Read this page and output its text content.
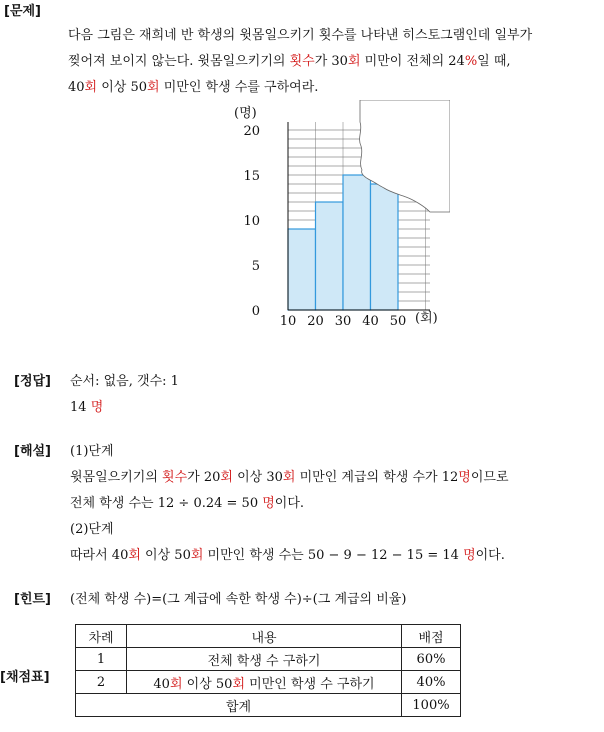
[문제]
다음 그림은 재희네 반 학생의 윗몸일으키기 횟수를 나타낸 히스토그램인데 일부가
찢어져 보이지 않는다. 윗몸일으키기의 횟수가 30회 미만이 전체의 24%일 때,
40회 이상 50회 미만인 학생 수를 구하여라.
(명)
(회)
0
5
10
15
20
10 20 30 40 50
[정답] 순서: 없음, 갯수: 1
14 명
[해설] (1)단계
윗몸일으키기의 횟수가 20회 이상 30회 미만인 계급의 학생 수가 12명이므로
전체 학생 수는 12 ÷ 0.24 = 50 명이다.
(2)단계
따라서 40회 이상 50회 미만인 학생 수는 50 − 9 − 12 − 15 = 14 명이다.
[힌트] (전체 학생 수)=(그 계급에 속한 학생 수)÷(그 계급의 비율)
[채점표]
차례	내용	배점
1	전체 학생 수 구하기	60%
2	40회 이상 50회 미만인 학생 수 구하기	40%
합계		100%
